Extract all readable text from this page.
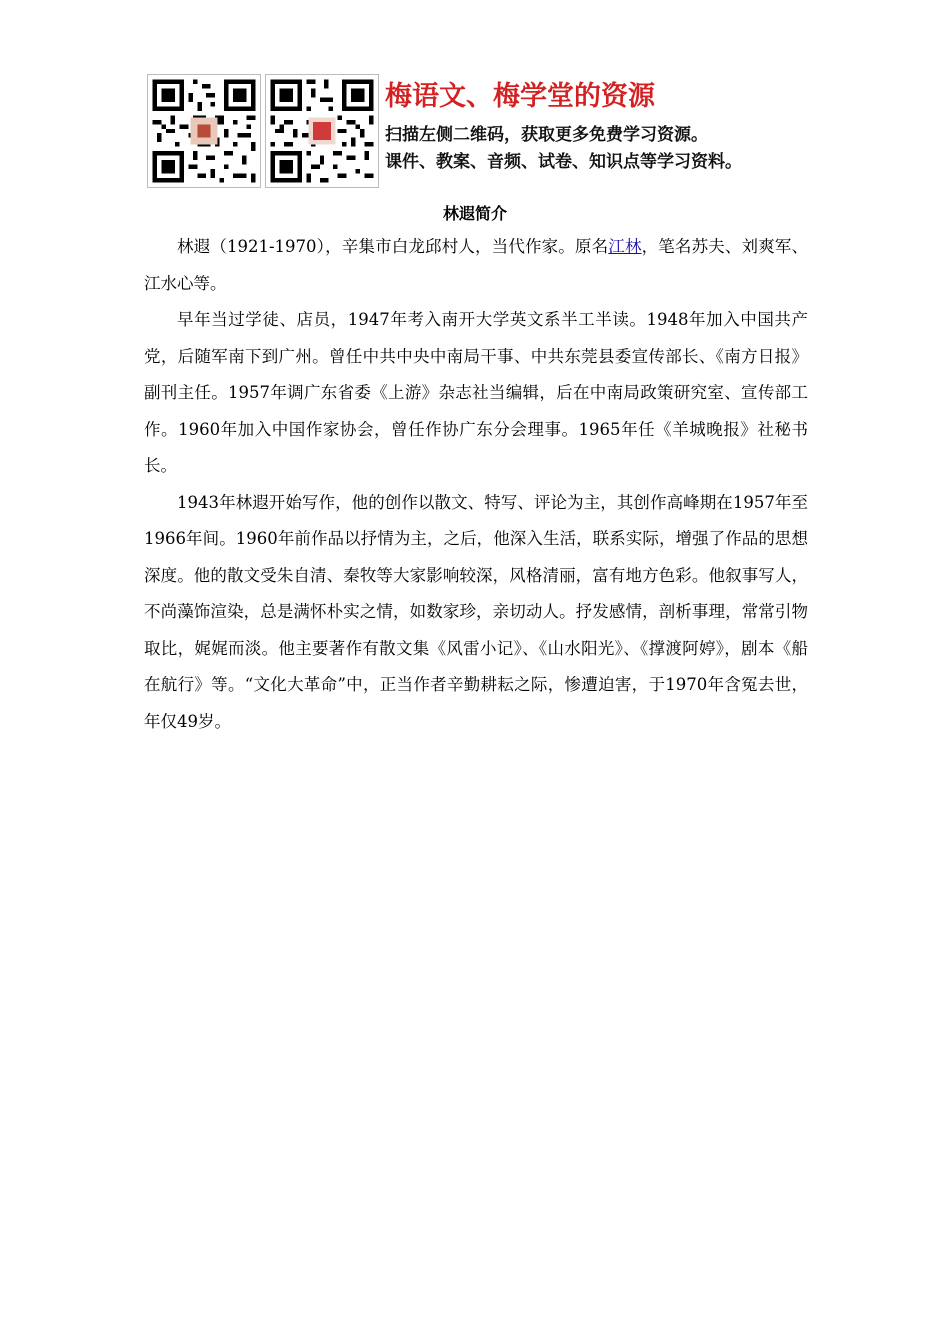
梅语文、梅学堂的资源
扫描左侧二维码，获取更多免费学习资源。
课件、教案、音频、试卷、知识点等学习资料。
林遐简介

林遐（1921-1970），辛集市白龙邱村人，当代作家。原名江林，笔名苏夫、刘爽军、江水心等。

早年当过学徒、店员，1947年考入南开大学英文系半工半读。1948年加入中国共产党，后随军南下到广州。曾任中共中央中南局干事、中共东莞县委宣传部长、《南方日报》副刊主任。1957年调广东省委《上游》杂志社当编辑，后在中南局政策研究室、宣传部工作。1960年加入中国作家协会，曾任作协广东分会理事。1965年任《羊城晚报》社秘书长。

1943年林遐开始写作，他的创作以散文、特写、评论为主，其创作高峰期在1957年至1966年间。1960年前作品以抒情为主，之后，他深入生活，联系实际，增强了作品的思想深度。他的散文受朱自清、秦牧等大家影响较深，风格清丽，富有地方色彩。他叙事写人，不尚藻饰渲染，总是满怀朴实之情，如数家珍，亲切动人。抒发感情，剖析事理，常常引物取比，娓娓而淡。他主要著作有散文集《风雷小记》、《山水阳光》、《撑渡阿婷》，剧本《船在航行》等。“文化大革命”中，正当作者辛勤耕耘之际，惨遭迫害，于1970年含冤去世，年仅49岁。
